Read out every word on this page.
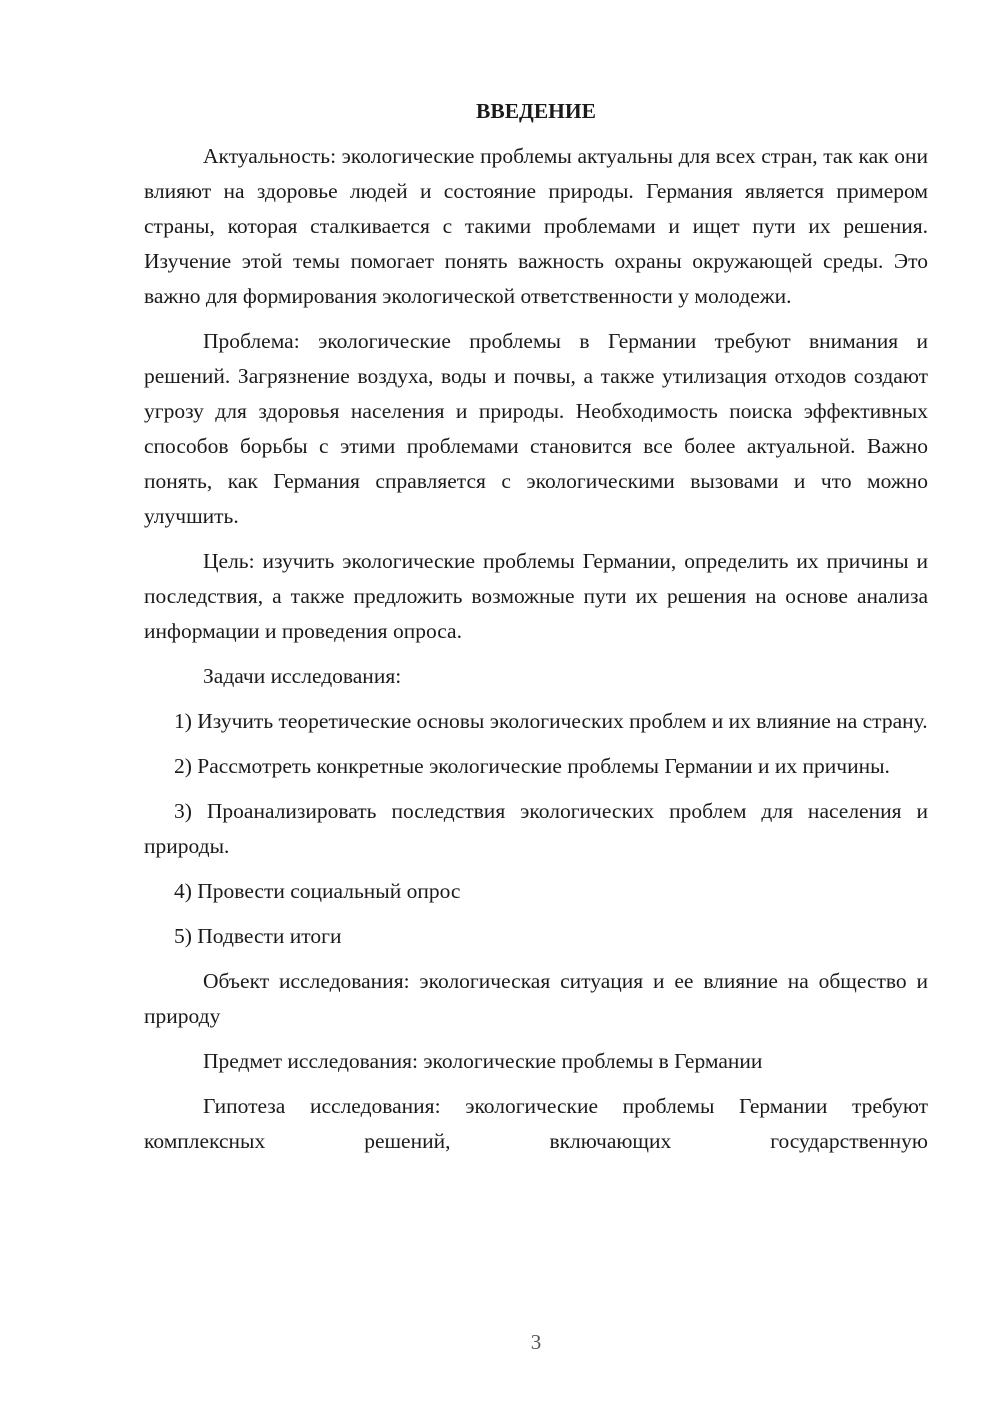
ВВЕДЕНИЕ

Актуальность: экологические проблемы актуальны для всех стран, так как они влияют на здоровье людей и состояние природы. Германия является примером страны, которая сталкивается с такими проблемами и ищет пути их решения. Изучение этой темы помогает понять важность охраны окружающей среды. Это важно для формирования экологической ответственности у молодежи.

Проблема: экологические проблемы в Германии требуют внимания и решений. Загрязнение воздуха, воды и почвы, а также утилизация отходов создают угрозу для здоровья населения и природы. Необходимость поиска эффективных способов борьбы с этими проблемами становится все более актуальной. Важно понять, как Германия справляется с экологическими вызовами и что можно улучшить.

Цель: изучить экологические проблемы Германии, определить их причины и последствия, а также предложить возможные пути их решения на основе анализа информации и проведения опроса.

Задачи исследования:

1) Изучить теоретические основы экологических проблем и их влияние на страну.

2) Рассмотреть конкретные экологические проблемы Германии и их причины.

3) Проанализировать последствия экологических проблем для населения и природы.

4) Провести социальный опрос

5) Подвести итоги

Объект исследования: экологическая ситуация и ее влияние на общество и природу

Предмет исследования: экологические проблемы в Германии

Гипотеза исследования: экологические проблемы Германии требуют комплексных решений, включающих государственную

3
